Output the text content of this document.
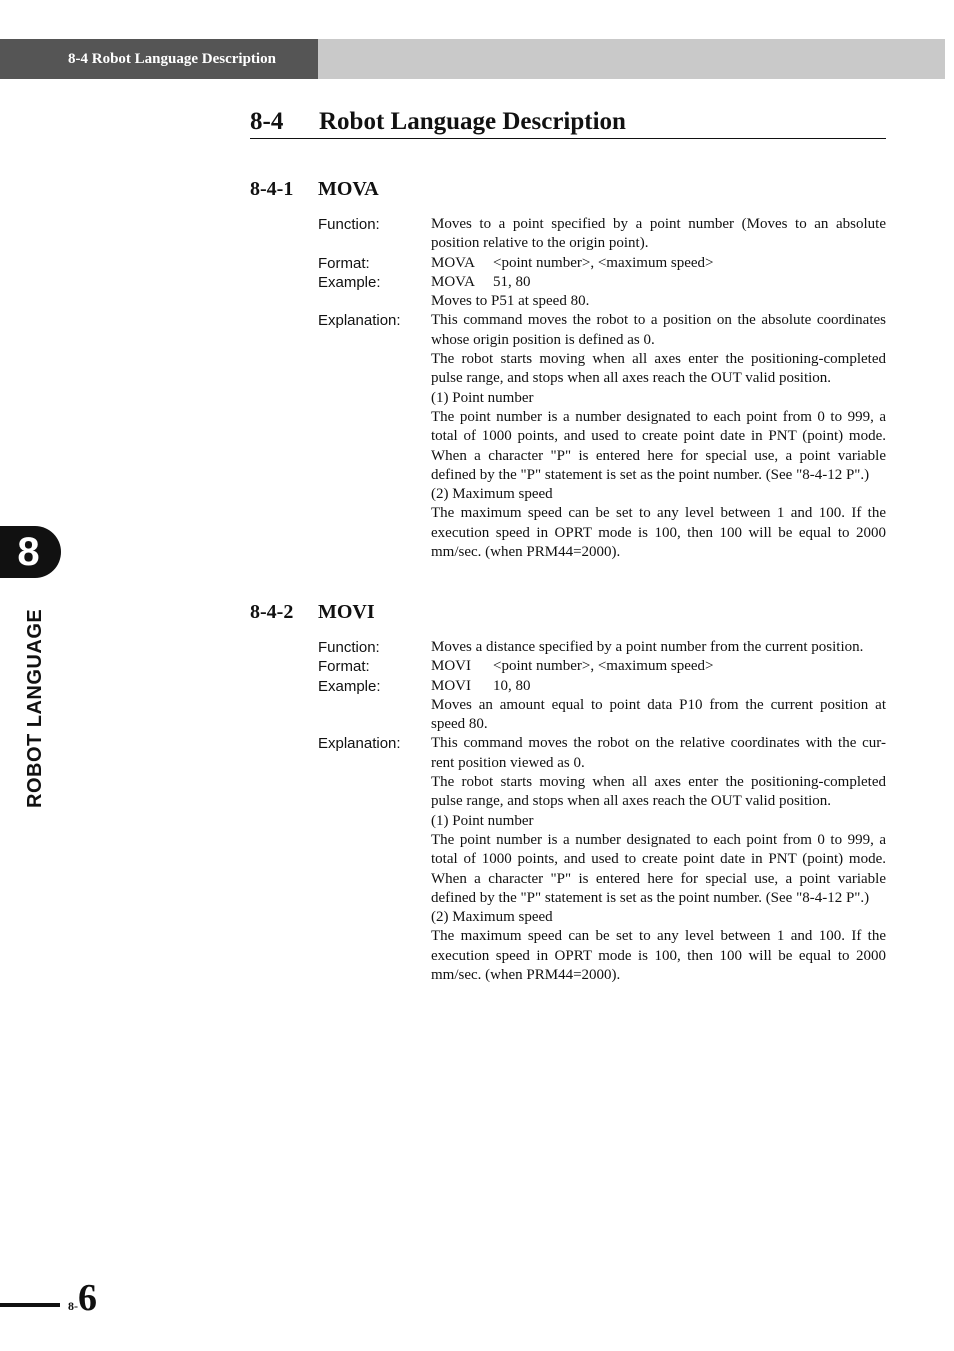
8-4 Robot Language Description
8
ROBOT LANGUAGE
8-4 Robot Language Description
8-4-1 MOVA
Function:	Moves to a point specified by a point number (Moves to an absolute position relative to the origin point).

Format:	MOVA <point number>, <maximum speed>

Example:	MOVA 51, 80

Moves to P51 at speed 80.

Explanation:	This command moves the robot to a position on the absolute coordinates whose origin position is defined as 0.

The robot starts moving when all axes enter the positioning-completed pulse range, and stops when all axes reach the OUT valid position.

(1) Point number

The point number is a number designated to each point from 0 to 999, a total of 1000 points, and used to create point date in PNT (point) mode. When a character "P" is entered here for special use, a point variable defined by the "P" statement is set as the point number. (See "8-4-12 P".)

(2) Maximum speed

The maximum speed can be set to any level between 1 and 100. If the execution speed in OPRT mode is 100, then 100 will be equal to 2000 mm/sec. (when PRM44=2000).

8-4-2 MOVI
Function:	Moves a distance specified by a point number from the current position.

Format:	MOVI <point number>, <maximum speed>

Example:	MOVI 10, 80

Moves an amount equal to point data P10 from the current position at speed 80.

Explanation:	This command moves the robot on the relative coordinates with the cur-rent position viewed as 0.

The robot starts moving when all axes enter the positioning-completed pulse range, and stops when all axes reach the OUT valid position.

(1) Point number

The point number is a number designated to each point from 0 to 999, a total of 1000 points, and used to create point date in PNT (point) mode. When a character "P" is entered here for special use, a point variable defined by the "P" statement is set as the point number. (See "8-4-12 P".)

(2) Maximum speed

The maximum speed can be set to any level between 1 and 100. If the execution speed in OPRT mode is 100, then 100 will be equal to 2000 mm/sec. (when PRM44=2000).

8-6
